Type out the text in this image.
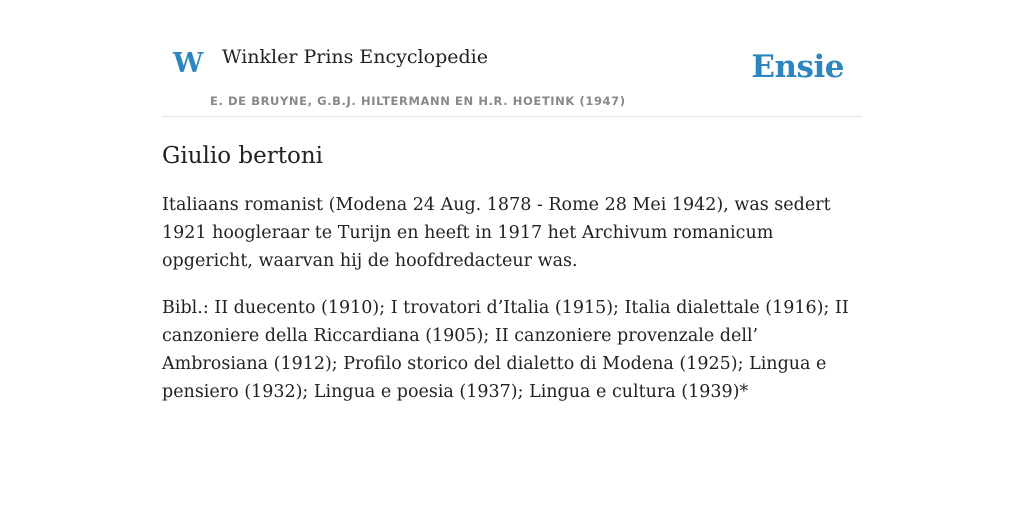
W Winkler Prins Encyclopedie
E. DE BRUYNE, G.B.J. HILTERMANN EN H.R. HOETINK (1947)
Ensie
Giulio bertoni

Italiaans romanist (Modena 24 Aug. 1878 - Rome 28 Mei 1942), was sedert 1921 hoogleraar te Turijn en heeft in 1917 het Archivum romanicum opgericht, waarvan hij de hoofdredacteur was.

Bibl.: II duecento (1910); I trovatori d’Italia (1915); Italia dialettale (1916); II canzoniere della Riccardiana (1905); II canzoniere provenzale dell’ Ambrosiana (1912); Profilo storico del dialetto di Modena (1925); Lingua e pensiero (1932); Lingua e poesia (1937); Lingua e cultura (1939)*
